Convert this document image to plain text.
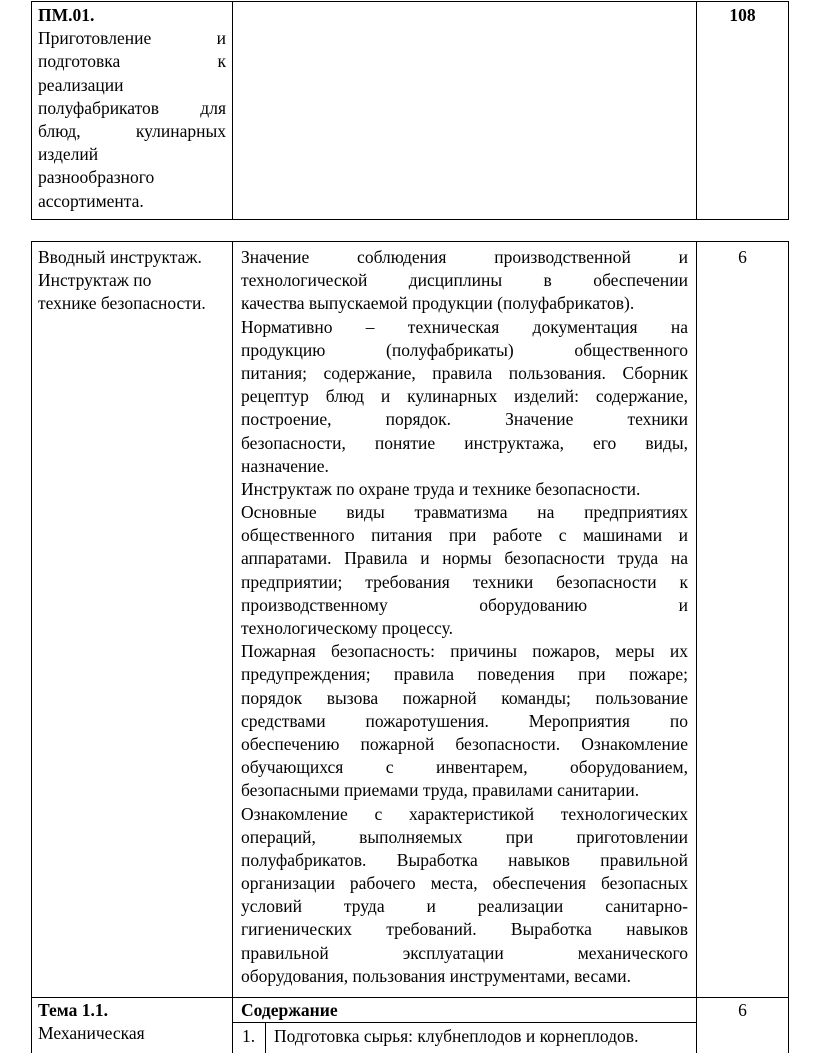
ПМ.01.
Приготовление и
подготовка к
реализации
полуфабрикатов для
блюд, кулинарных
изделий
разнообразного
ассортимента.
108
Вводный инструктаж.
Инструктаж по
технике безопасности.
Значение соблюдения производственной и
технологической дисциплины в обеспечении
качества выпускаемой продукции (полуфабрикатов).
Нормативно – техническая документация на
продукцию (полуфабрикаты) общественного
питания; содержание, правила пользования. Сборник
рецептур блюд и кулинарных изделий: содержание,
построение, порядок. Значение техники
безопасности, понятие инструктажа, его виды,
назначение.
Инструктаж по охране труда и технике безопасности.
Основные виды травматизма на предприятиях
общественного питания при работе с машинами и
аппаратами. Правила и нормы безопасности труда на
предприятии; требования техники безопасности к
производственному оборудованию и
технологическому процессу.
Пожарная безопасность: причины пожаров, меры их
предупреждения; правила поведения при пожаре;
порядок вызова пожарной команды; пользование
средствами пожаротушения. Мероприятия по
обеспечению пожарной безопасности. Ознакомление
обучающихся с инвентарем, оборудованием,
безопасными приемами труда, правилами санитарии.
Ознакомление с характеристикой технологических
операций, выполняемых при приготовлении
полуфабрикатов. Выработка навыков правильной
организации рабочего места, обеспечения безопасных
условий труда и реализации санитарно-
гигиенических требований. Выработка навыков
правильной эксплуатации механического
оборудования, пользования инструментами, весами.
6
Тема 1.1.
Механическая
Содержание	6
1.	Подготовка сырья: клубнеплодов и корнеплодов.
